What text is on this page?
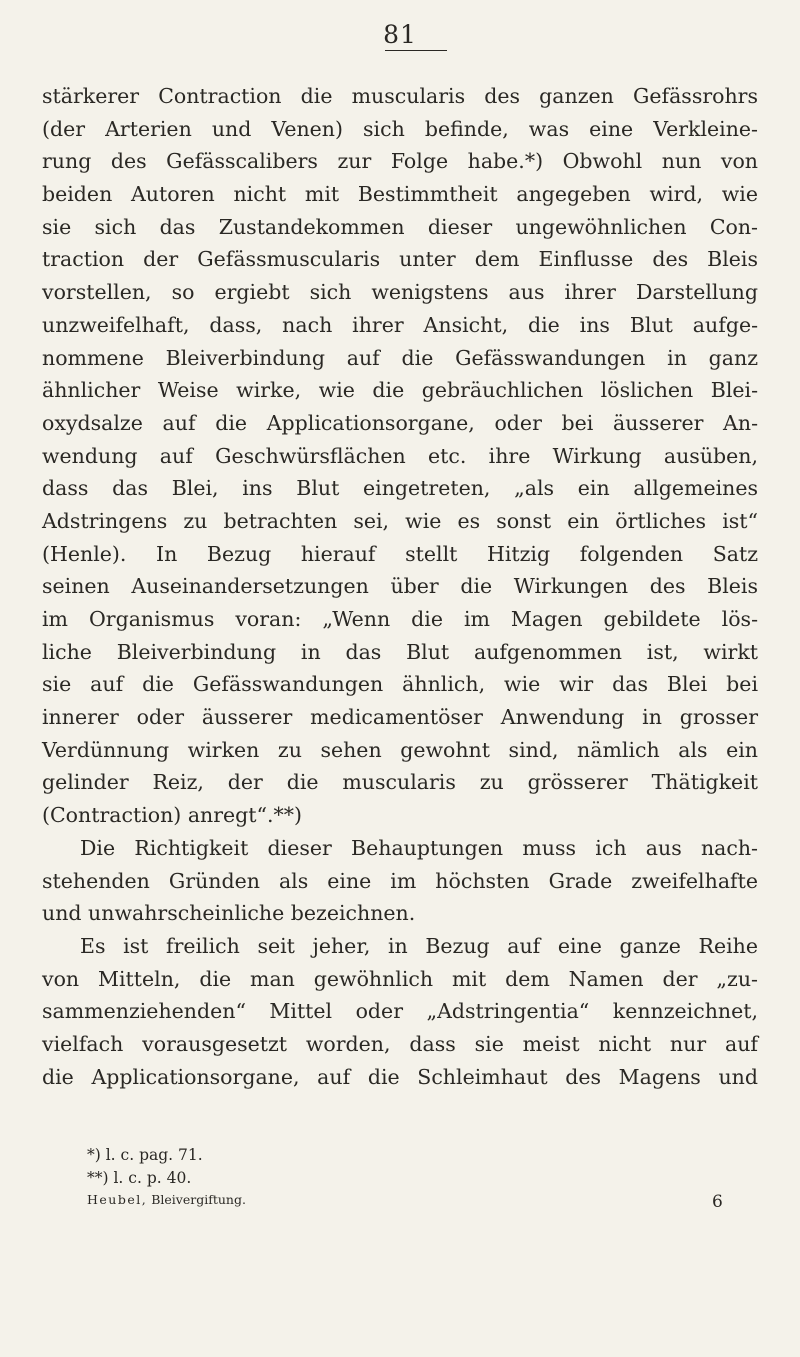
81
stärkerer Contraction die muscularis des ganzen Gefässrohrs
(der Arterien und Venen) sich befinde, was eine Verkleine-
rung des Gefässcalibers zur Folge habe.*) Obwohl nun von
beiden Autoren nicht mit Bestimmtheit angegeben wird, wie
sie sich das Zustandekommen dieser ungewöhnlichen Con-
traction der Gefässmuscularis unter dem Einflusse des Bleis
vorstellen, so ergiebt sich wenigstens aus ihrer Darstellung
unzweifelhaft, dass, nach ihrer Ansicht, die ins Blut aufge-
nommene Bleiverbindung auf die Gefässwandungen in ganz
ähnlicher Weise wirke, wie die gebräuchlichen löslichen Blei-
oxydsalze auf die Applicationsorgane, oder bei äusserer An-
wendung auf Geschwürsflächen etc. ihre Wirkung ausüben,
dass das Blei, ins Blut eingetreten, „als ein allgemeines
Adstringens zu betrachten sei, wie es sonst ein örtliches ist“
(Henle). In Bezug hierauf stellt Hitzig folgenden Satz
seinen Auseinandersetzungen über die Wirkungen des Bleis
im Organismus voran: „Wenn die im Magen gebildete lös-
liche Bleiverbindung in das Blut aufgenommen ist, wirkt
sie auf die Gefässwandungen ähnlich, wie wir das Blei bei
innerer oder äusserer medicamentöser Anwendung in grosser
Verdünnung wirken zu sehen gewohnt sind, nämlich als ein
gelinder Reiz, der die muscularis zu grösserer Thätigkeit
(Contraction) anregt“.**)
Die Richtigkeit dieser Behauptungen muss ich aus nach-
stehenden Gründen als eine im höchsten Grade zweifelhafte
und unwahrscheinliche bezeichnen.
Es ist freilich seit jeher, in Bezug auf eine ganze Reihe
von Mitteln, die man gewöhnlich mit dem Namen der „zu-
sammenziehenden“ Mittel oder „Adstringentia“ kennzeichnet,
vielfach vorausgesetzt worden, dass sie meist nicht nur auf
die Applicationsorgane, auf die Schleimhaut des Magens und
*) l. c. pag. 71.
**) l. c. p. 40.
Heubel, Bleivergiftung.	6
